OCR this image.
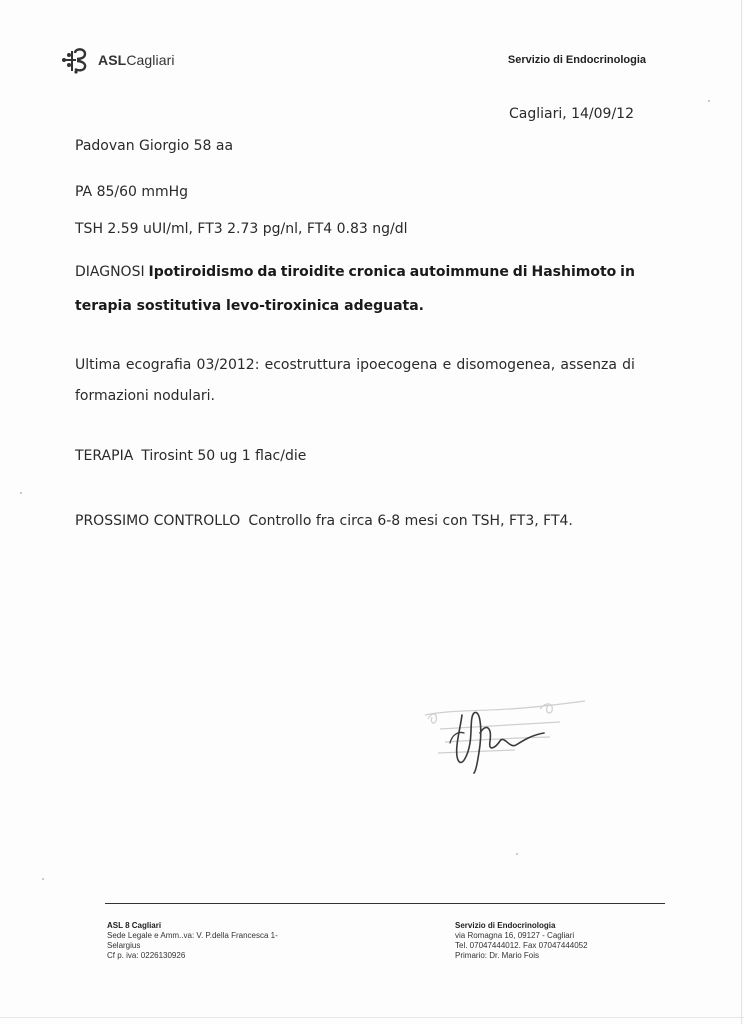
ASLCagliari	Servizio di Endocrinologia
Cagliari, 14/09/12
Padovan Giorgio 58 aa
PA 85/60 mmHg
TSH 2.59 uUI/ml, FT3 2.73 pg/nl, FT4 0.83 ng/dl
DIAGNOSI Ipotiroidismo da tiroidite cronica autoimmune di Hashimoto in
terapia sostitutiva levo-tiroxinica adeguata.
Ultima ecografia 03/2012: ecostruttura ipoecogena e disomogenea, assenza di
formazioni nodulari.
TERAPIA Tirosint 50 ug 1 flac/die
PROSSIMO CONTROLLO Controllo fra circa 6-8 mesi con TSH, FT3, FT4.
ASL 8 Cagliari
Sede Legale e Amm..va: V. P.della Francesca 1-
Selargius
Cf p. iva: 0226130926
Servizio di Endocrinologia
via Romagna 16, 09127 - Cagliari
Tel. 07047444012. Fax 07047444052
Primario: Dr. Mario Fois
